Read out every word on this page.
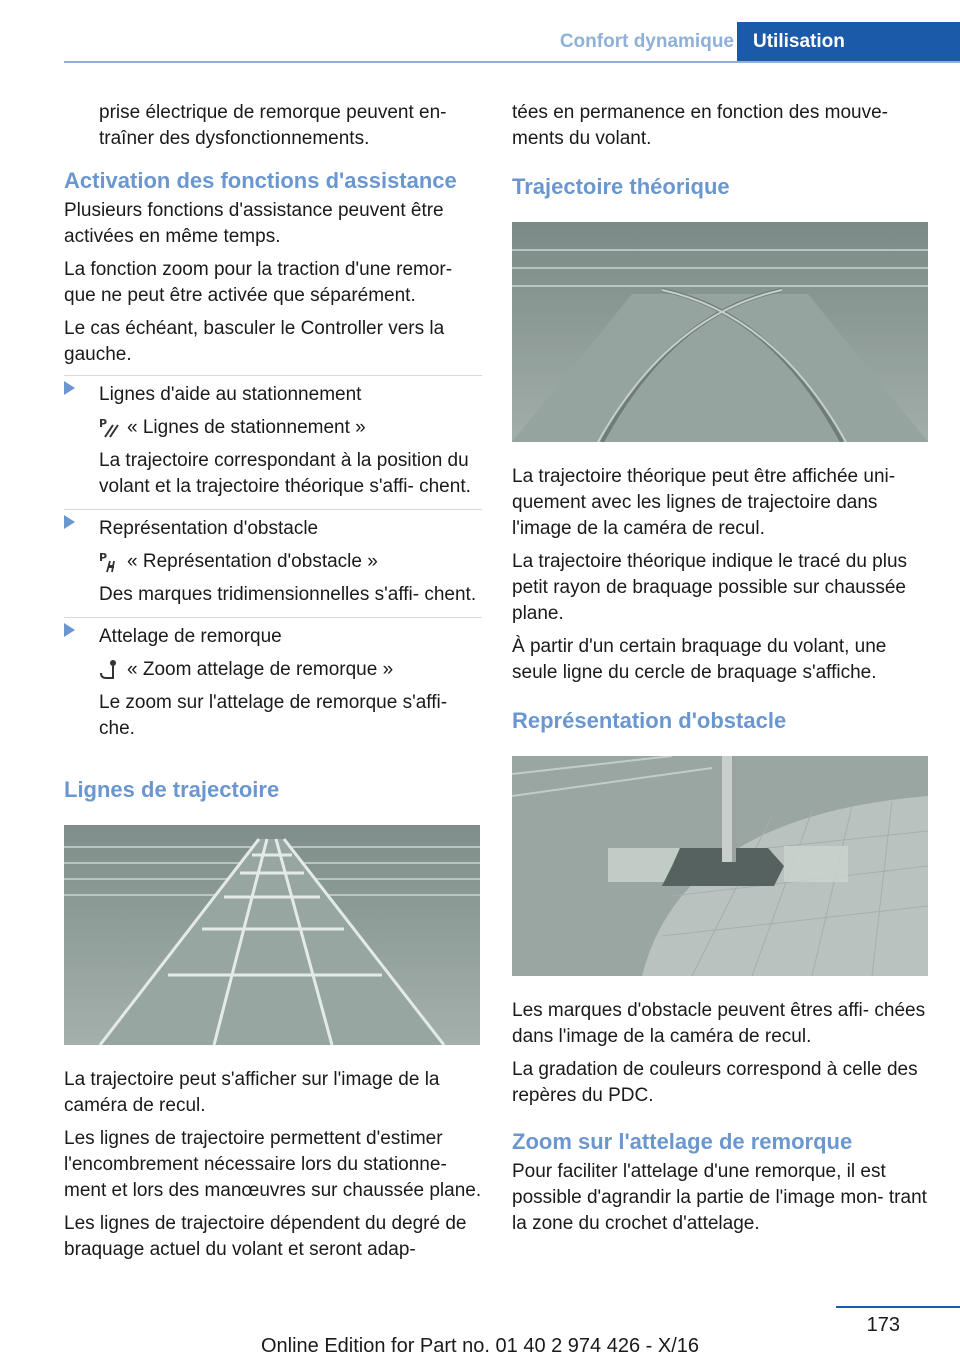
Confort dynamique	Utilisation

prise électrique de remorque peuvent en‐
traîner des dysfonctionnements.

Activation des fonctions d'assistance

Plusieurs fonctions d'assistance peuvent être activées en même temps.

La fonction zoom pour la traction d'une remor‐ que ne peut être activée que séparément.

Le cas échéant, basculer le Controller vers la gauche.

Lignes d'aide au stationnement

P « Lignes de stationnement »

La trajectoire correspondant à la position du volant et la trajectoire théorique s'affi‐ chent.

Représentation d'obstacle

P « Représentation d'obstacle »

Des marques tridimensionnelles s'affi‐ chent.

Attelage de remorque

« Zoom attelage de remorque »

Le zoom sur l'attelage de remorque s'affi‐ che.

Lignes de trajectoire

La trajectoire peut s'afficher sur l'image de la caméra de recul.

Les lignes de trajectoire permettent d'estimer l'encombrement nécessaire lors du stationne‐ ment et lors des manœuvres sur chaussée plane.

Les lignes de trajectoire dépendent du degré de braquage actuel du volant et seront adap‐

tées en permanence en fonction des mouve‐ ments du volant.

Trajectoire théorique

La trajectoire théorique peut être affichée uni‐ quement avec les lignes de trajectoire dans l'image de la caméra de recul.

La trajectoire théorique indique le tracé du plus petit rayon de braquage possible sur chaussée plane.

À partir d'un certain braquage du volant, une seule ligne du cercle de braquage s'affiche.

Représentation d'obstacle

Les marques d'obstacle peuvent êtres affi‐ chées dans l'image de la caméra de recul.

La gradation de couleurs correspond à celle des repères du PDC.

Zoom sur l'attelage de remorque

Pour faciliter l'attelage d'une remorque, il est possible d'agrandir la partie de l'image mon‐ trant la zone du crochet d'attelage.

173
Online Edition for Part no. 01 40 2 974 426 - X/16
